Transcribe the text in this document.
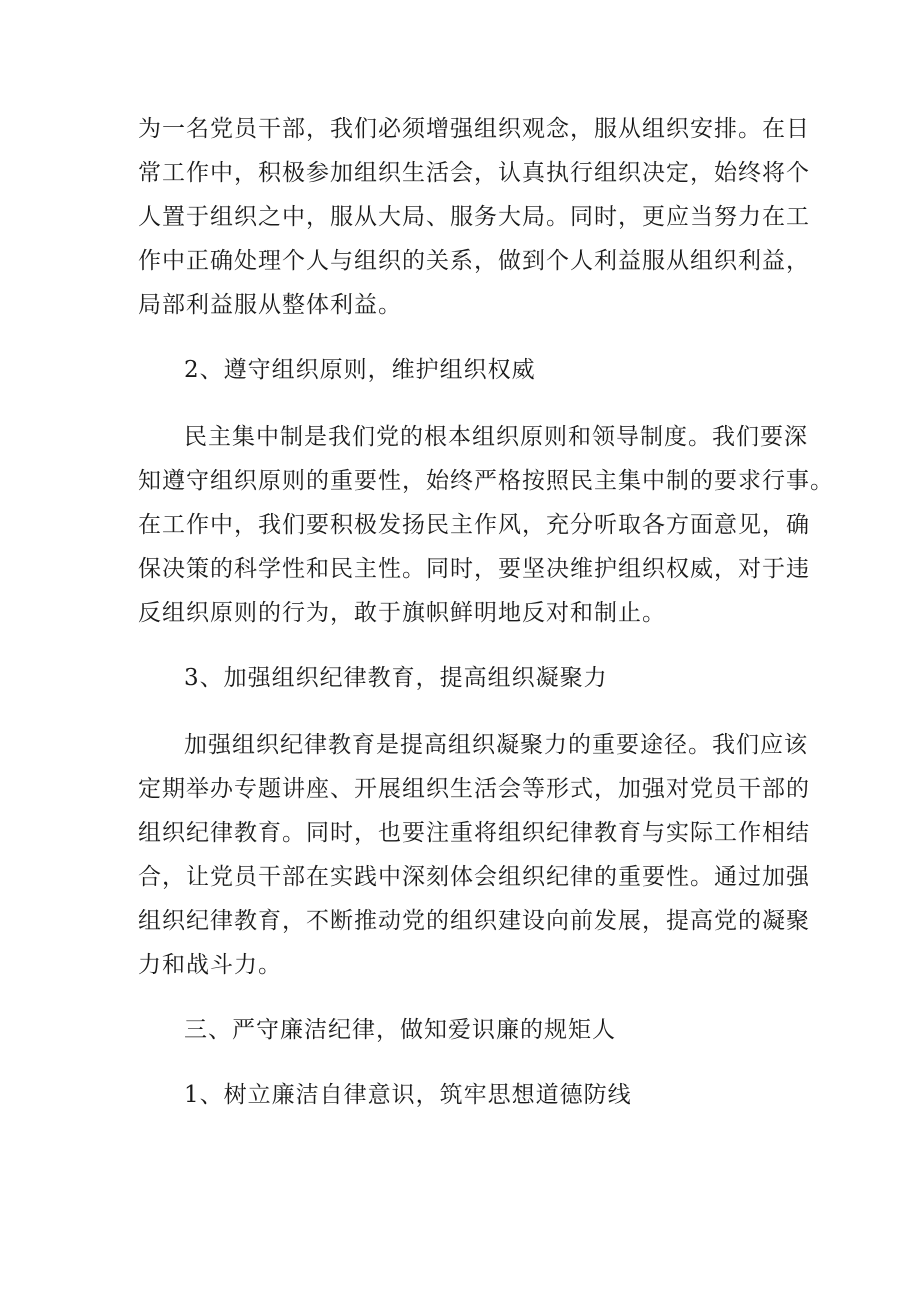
为一名党员干部，我们必须增强组织观念，服从组织安排。在日
常工作中，积极参加组织生活会，认真执行组织决定，始终将个
人置于组织之中，服从大局、服务大局。同时，更应当努力在工
作中正确处理个人与组织的关系，做到个人利益服从组织利益，
局部利益服从整体利益。
2、遵守组织原则，维护组织权威
民主集中制是我们党的根本组织原则和领导制度。我们要深
知遵守组织原则的重要性，始终严格按照民主集中制的要求行事。
在工作中，我们要积极发扬民主作风，充分听取各方面意见，确
保决策的科学性和民主性。同时，要坚决维护组织权威，对于违
反组织原则的行为，敢于旗帜鲜明地反对和制止。
3、加强组织纪律教育，提高组织凝聚力
加强组织纪律教育是提高组织凝聚力的重要途径。我们应该
定期举办专题讲座、开展组织生活会等形式，加强对党员干部的
组织纪律教育。同时，也要注重将组织纪律教育与实际工作相结
合，让党员干部在实践中深刻体会组织纪律的重要性。通过加强
组织纪律教育，不断推动党的组织建设向前发展，提高党的凝聚
力和战斗力。
三、严守廉洁纪律，做知爱识廉的规矩人
1、树立廉洁自律意识，筑牢思想道德防线
